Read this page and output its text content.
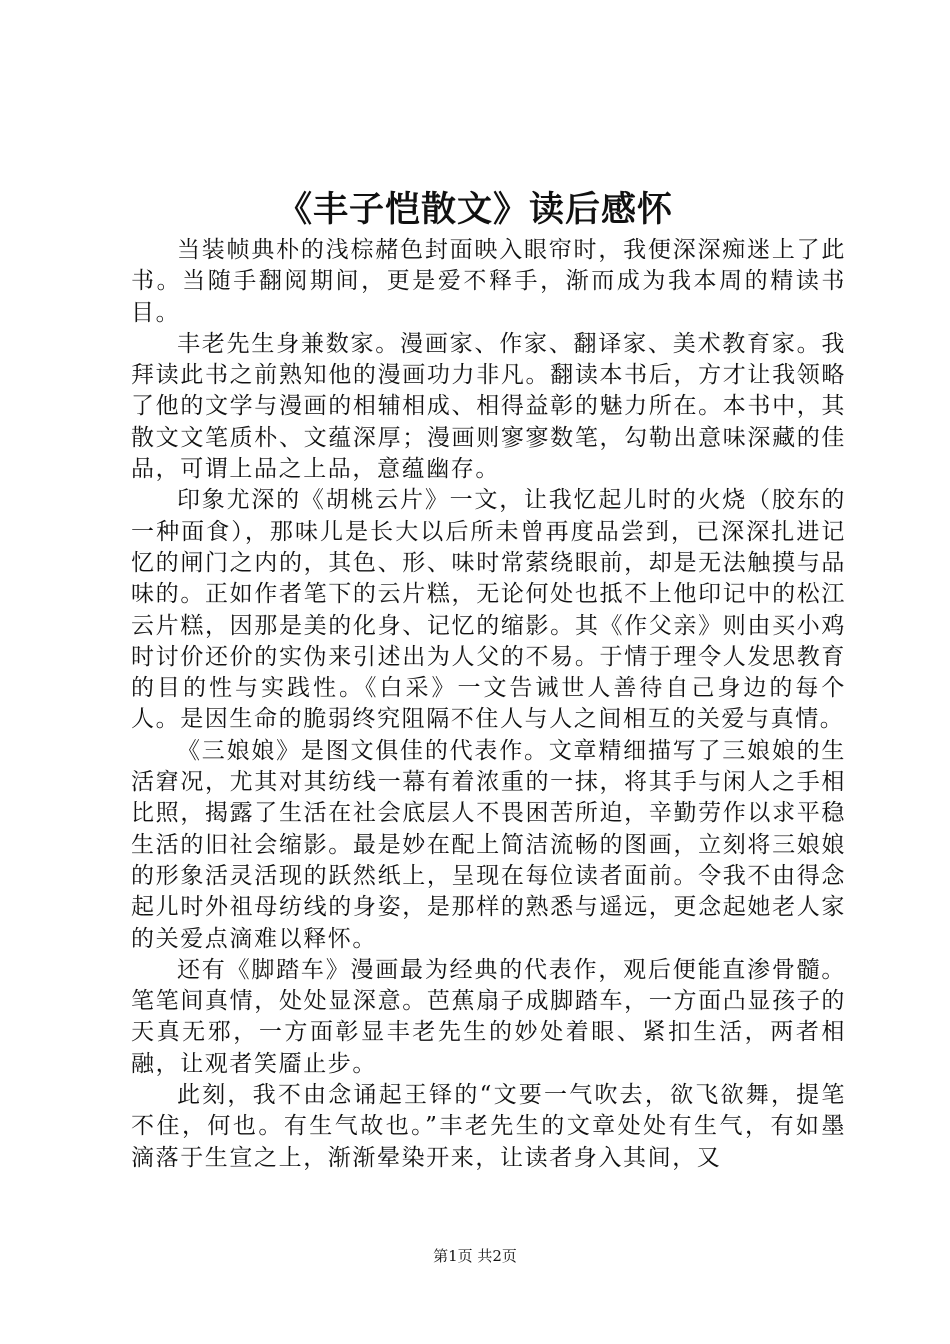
《丰子恺散文》读后感怀

当装帧典朴的浅棕赭色封面映入眼帘时，我便深深痴迷上了此书。当随手翻阅期间，更是爱不释手，渐而成为我本周的精读书目。

丰老先生身兼数家。漫画家、作家、翻译家、美术教育家。我拜读此书之前熟知他的漫画功力非凡。翻读本书后，方才让我领略了他的文学与漫画的相辅相成、相得益彰的魅力所在。本书中，其散文文笔质朴、文蕴深厚；漫画则寥寥数笔，勾勒出意味深藏的佳品，可谓上品之上品，意蕴幽存。

印象尤深的《胡桃云片》一文，让我忆起儿时的火烧（胶东的一种面食），那味儿是长大以后所未曾再度品尝到，已深深扎进记忆的闸门之内的，其色、形、味时常萦绕眼前，却是无法触摸与品味的。正如作者笔下的云片糕，无论何处也抵不上他印记中的松江云片糕，因那是美的化身、记忆的缩影。其《作父亲》则由买小鸡时讨价还价的实伪来引述出为人父的不易。于情于理令人发思教育的目的性与实践性。《白采》一文告诫世人善待自己身边的每个人。是因生命的脆弱终究阻隔不住人与人之间相互的关爱与真情。

《三娘娘》是图文俱佳的代表作。文章精细描写了三娘娘的生活窘况，尤其对其纺线一幕有着浓重的一抹，将其手与闲人之手相比照，揭露了生活在社会底层人不畏困苦所迫，辛勤劳作以求平稳生活的旧社会缩影。最是妙在配上简洁流畅的图画，立刻将三娘娘的形象活灵活现的跃然纸上，呈现在每位读者面前。令我不由得念起儿时外祖母纺线的身姿，是那样的熟悉与遥远，更念起她老人家的关爱点滴难以释怀。

还有《脚踏车》漫画最为经典的代表作，观后便能直渗骨髓。笔笔间真情，处处显深意。芭蕉扇子成脚踏车，一方面凸显孩子的天真无邪，一方面彰显丰老先生的妙处着眼、紧扣生活，两者相融，让观者笑靥止步。

此刻，我不由念诵起王铎的“文要一气吹去，欲飞欲舞，提笔不住，何也。有生气故也。”丰老先生的文章处处有生气，有如墨滴落于生宣之上，渐渐晕染开来，让读者身入其间，又

第1页 共2页
